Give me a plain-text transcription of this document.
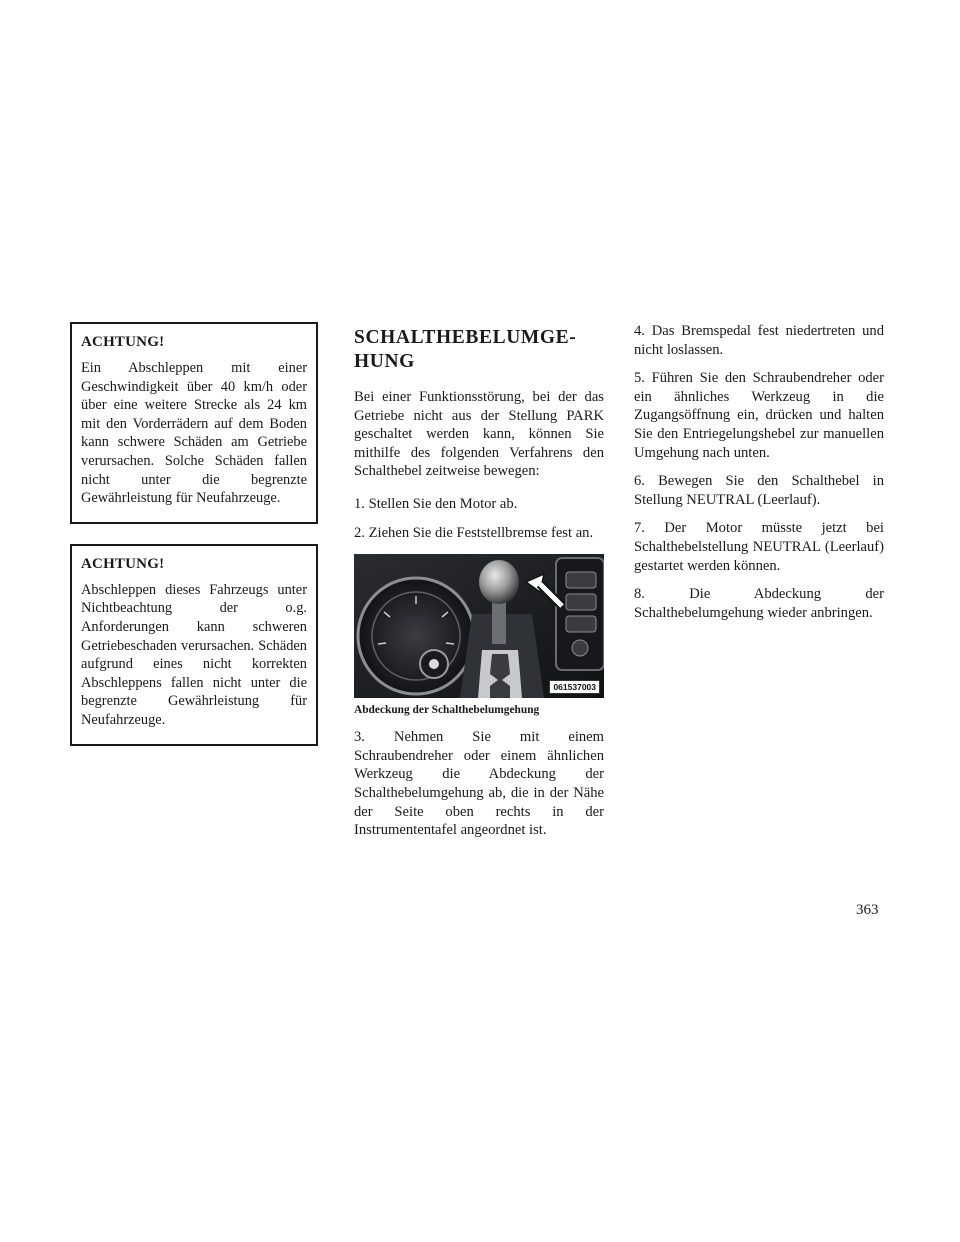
ACHTUNG!

Ein Abschleppen mit einer Geschwindigkeit über 40 km/h oder über eine weitere Strecke als 24 km mit den Vorderrädern auf dem Boden kann schwere Schäden am Getriebe verursachen. Solche Schäden fallen nicht unter die begrenzte Gewährleistung für Neufahrzeuge.

ACHTUNG!

Abschleppen dieses Fahrzeugs unter Nichtbeachtung der o.g. Anforderungen kann schweren Getriebeschaden verursachen. Schäden aufgrund eines nicht korrekten Abschleppens fallen nicht unter die begrenzte Gewährleistung für Neufahrzeuge.

SCHALTHEBELUMGE-HUNG

Bei einer Funktionsstörung, bei der das Getriebe nicht aus der Stellung PARK geschaltet werden kann, können Sie mithilfe des folgenden Verfahrens den Schalthebel zeitweise bewegen:

1. Stellen Sie den Motor ab.

2. Ziehen Sie die Feststellbremse fest an.

061537003

Abdeckung der Schalthebelumgehung

3. Nehmen Sie mit einem Schraubendreher oder einem ähnlichen Werkzeug die Abdeckung der Schalthebelumgehung ab, die in der Nähe der Seite oben rechts in der Instrumententafel angeordnet ist.

4. Das Bremspedal fest niedertreten und nicht loslassen.

5. Führen Sie den Schraubendreher oder ein ähnliches Werkzeug in die Zugangsöffnung ein, drücken und halten Sie den Entriegelungshebel zur manuellen Umgehung nach unten.

6. Bewegen Sie den Schalthebel in Stellung NEUTRAL (Leerlauf).

7. Der Motor müsste jetzt bei Schalthebelstellung NEUTRAL (Leerlauf) gestartet werden können.

8. Die Abdeckung der Schalthebelumgehung wieder anbringen.

363
